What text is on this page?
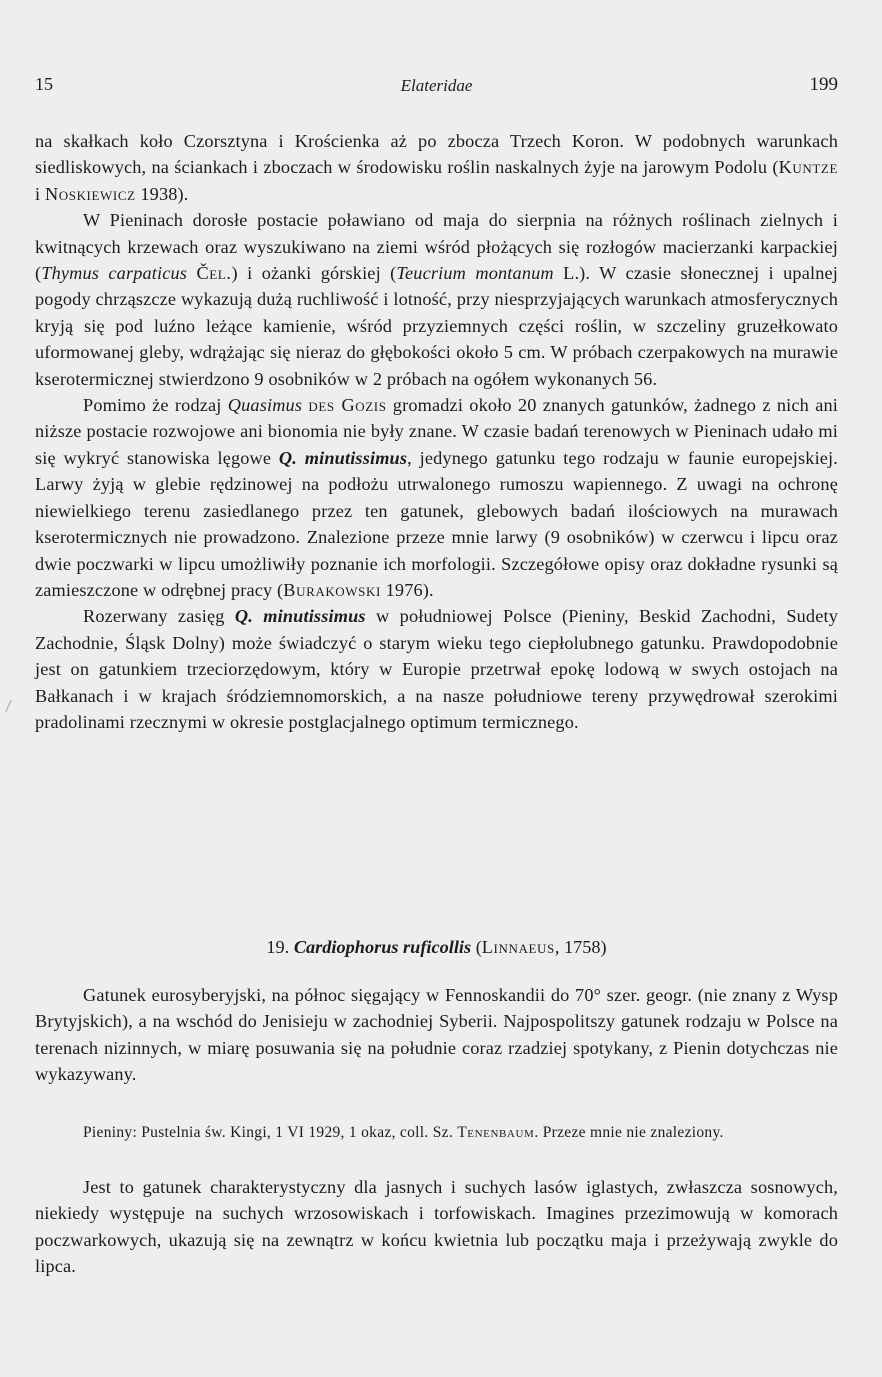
15	Elateridae	199

na skałkach koło Czorsztyna i Krościenka aż po zbocza Trzech Koron. W podobnych warunkach siedliskowych, na ściankach i zboczach w środowisku roślin naskalnych żyje na jarowym Podolu (Kuntze i Noskiewicz 1938).

W Pieninach dorosłe postacie poławiano od maja do sierpnia na różnych roślinach zielnych i kwitnących krzewach oraz wyszukiwano na ziemi wśród płożących się rozłogów macierzanki karpackiej (Thymus carpaticus Čel.) i ożanki górskiej (Teucrium montanum L.). W czasie słonecznej i upalnej pogody chrząszcze wykazują dużą ruchliwość i lotność, przy niesprzyjających warunkach atmosferycznych kryją się pod luźno leżące kamienie, wśród przyziemnych części roślin, w szczeliny gruzełkowato uformowanej gleby, wdrążając się nieraz do głębokości około 5 cm. W próbach czerpakowych na murawie kserotermicznej stwierdzono 9 osobników w 2 próbach na ogółem wykonanych 56.

Pomimo że rodzaj Quasimus des Gozis gromadzi około 20 znanych gatunków, żadnego z nich ani niższe postacie rozwojowe ani bionomia nie były znane. W czasie badań terenowych w Pieninach udało mi się wykryć stanowiska lęgowe Q. minutissimus, jedynego gatunku tego rodzaju w faunie europejskiej. Larwy żyją w glebie rędzinowej na podłożu utrwalonego rumoszu wapiennego. Z uwagi na ochronę niewielkiego terenu zasiedlanego przez ten gatunek, glebowych badań ilościowych na murawach kserotermicznych nie prowadzono. Znalezione przeze mnie larwy (9 osobników) w czerwcu i lipcu oraz dwie poczwarki w lipcu umożliwiły poznanie ich morfologii. Szczegółowe opisy oraz dokładne rysunki są zamieszczone w odrębnej pracy (Burakowski 1976).

Rozerwany zasięg Q. minutissimus w południowej Polsce (Pieniny, Beskid Zachodni, Sudety Zachodnie, Śląsk Dolny) może świadczyć o starym wieku tego ciepłolubnego gatunku. Prawdopodobnie jest on gatunkiem trzeciorzędowym, który w Europie przetrwał epokę lodową w swych ostojach na Bałkanach i w krajach śródziemnomorskich, a na nasze południowe tereny przywędrował szerokimi pradolinami rzecznymi w okresie postglacjalnego optimum termicznego.

19. Cardiophorus ruficollis (Linnaeus, 1758)

Gatunek eurosyberyjski, na północ sięgający w Fennoskandii do 70° szer. geogr. (nie znany z Wysp Brytyjskich), a na wschód do Jenisieju w zachodniej Syberii. Najpospolitszy gatunek rodzaju w Polsce na terenach nizinnych, w miarę posuwania się na południe coraz rzadziej spotykany, z Pienin dotychczas nie wykazywany.

Pieniny: Pustelnia św. Kingi, 1 VI 1929, 1 okaz, coll. Sz. Tenenbaum. Przeze mnie nie znaleziony.

Jest to gatunek charakterystyczny dla jasnych i suchych lasów iglastych, zwłaszcza sosnowych, niekiedy występuje na suchych wrzosowiskach i torfowiskach. Imagines przezimowują w komorach poczwarkowych, ukazują się na zewnątrz w końcu kwietnia lub początku maja i przeżywają zwykle do lipca.
